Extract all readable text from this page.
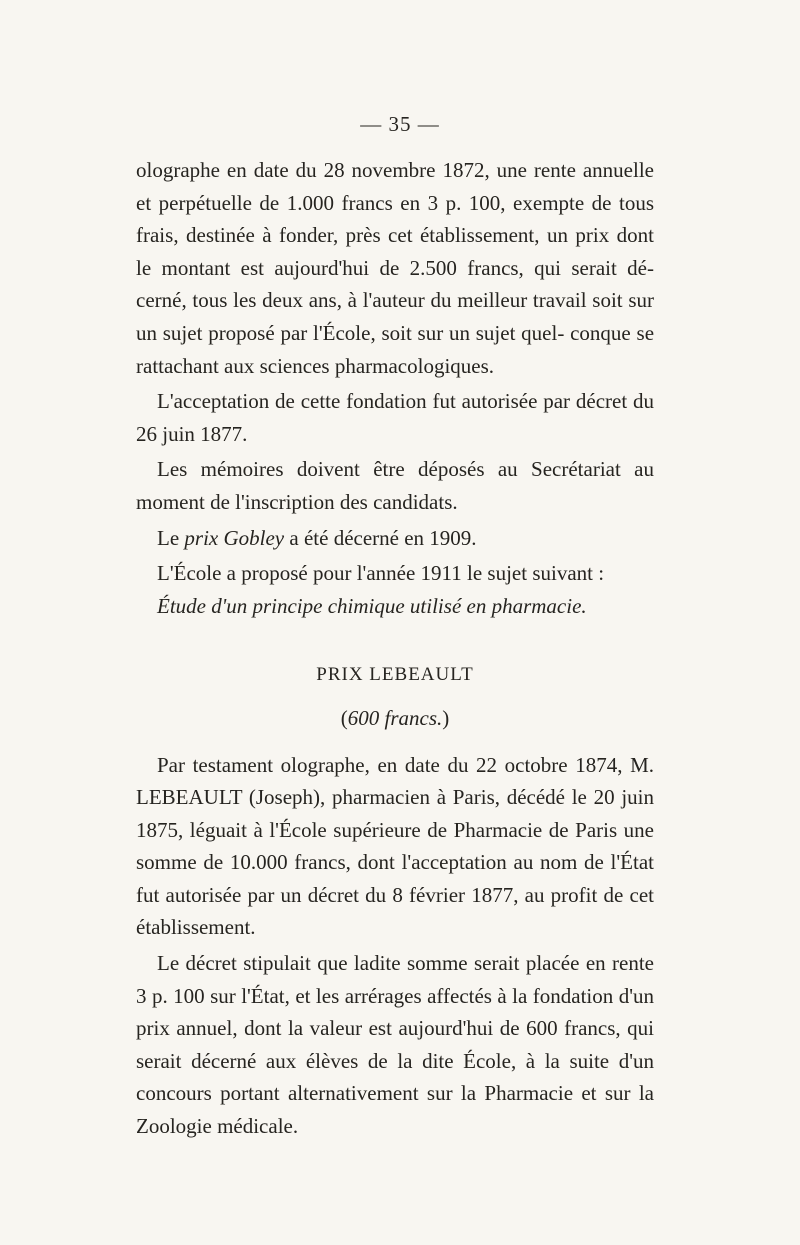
— 35 —

olographe en date du 28 novembre 1872, une rente annuelle et perpétuelle de 1.000 francs en 3 p. 100, exempte de tous frais, destinée à fonder, près cet établissement, un prix dont le montant est aujourd'hui de 2.500 francs, qui serait dé- cerné, tous les deux ans, à l'auteur du meilleur travail soit sur un sujet proposé par l'École, soit sur un sujet quel- conque se rattachant aux sciences pharmacologiques.

L'acceptation de cette fondation fut autorisée par décret du 26 juin 1877.

Les mémoires doivent être déposés au Secrétariat au moment de l'inscription des candidats.

Le prix Gobley a été décerné en 1909.

L'École a proposé pour l'année 1911 le sujet suivant :

Étude d'un principe chimique utilisé en pharmacie.

PRIX LEBEAULT

(600 francs.)

Par testament olographe, en date du 22 octobre 1874, M. LEBEAULT (Joseph), pharmacien à Paris, décédé le 20 juin 1875, léguait à l'École supérieure de Pharmacie de Paris une somme de 10.000 francs, dont l'acceptation au nom de l'État fut autorisée par un décret du 8 février 1877, au profit de cet établissement.

Le décret stipulait que ladite somme serait placée en rente 3 p. 100 sur l'État, et les arrérages affectés à la fondation d'un prix annuel, dont la valeur est aujourd'hui de 600 francs, qui serait décerné aux élèves de la dite École, à la suite d'un concours portant alternativement sur la Pharmacie et sur la Zoologie médicale.
